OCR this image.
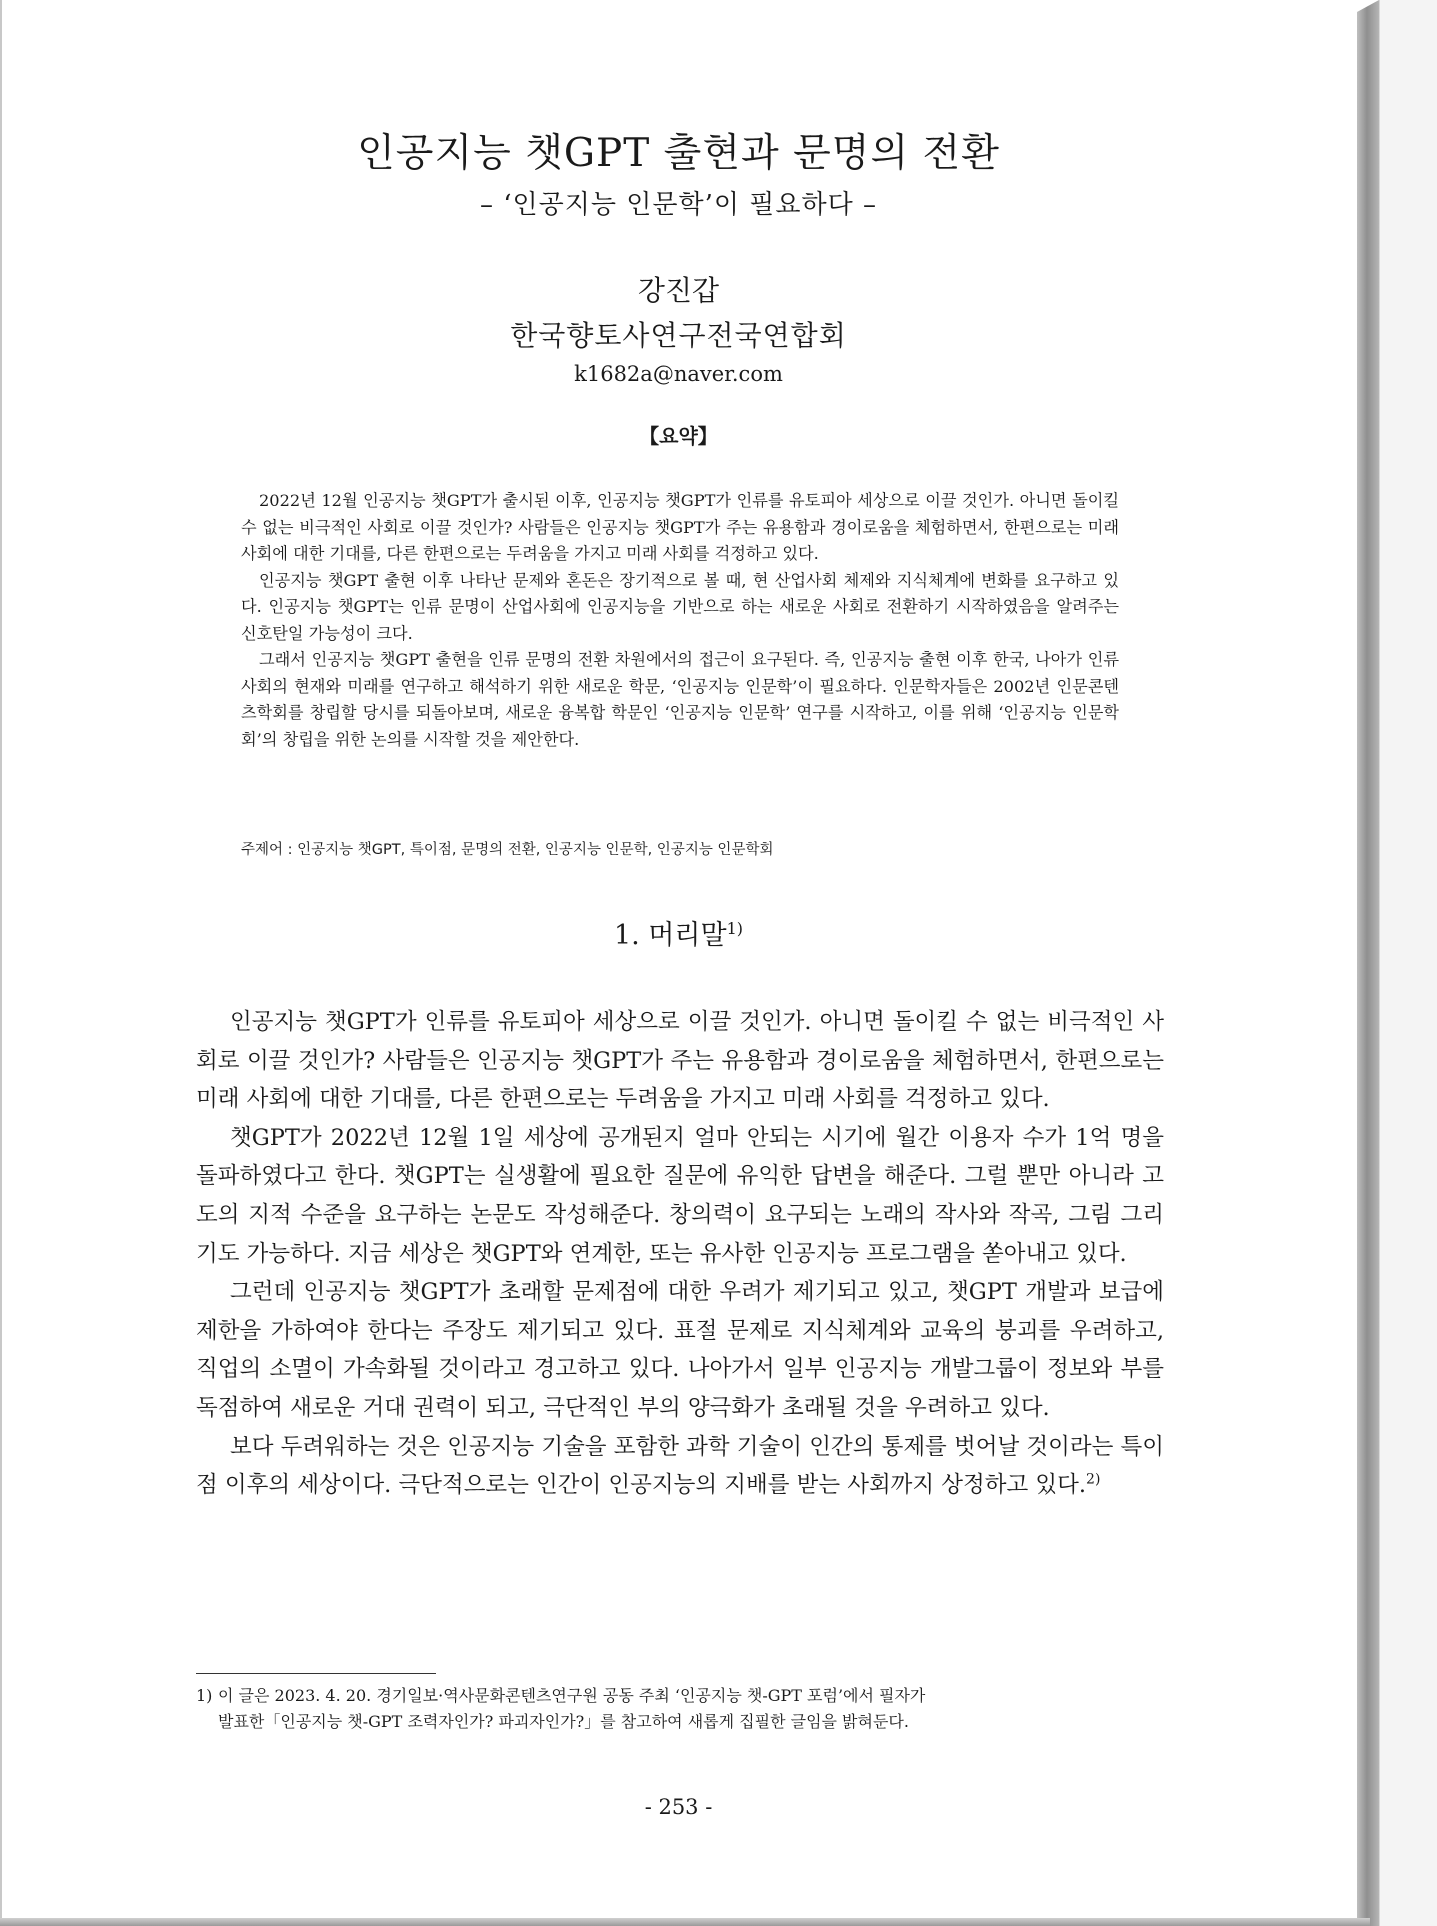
인공지능 챗GPT 출현과 문명의 전환
– ‘인공지능 인문학’이 필요하다 –
강진갑
한국향토사연구전국연합회
k1682a@naver.com
【요약】

2022년 12월 인공지능 챗GPT가 출시된 이후, 인공지능 챗GPT가 인류를 유토피아 세상으로 이끌 것인가. 아니면 돌이킬 수 없는 비극적인 사회로 이끌 것인가? 사람들은 인공지능 챗GPT가 주는 유용함과 경이로움을 체험하면서, 한편으로는 미래 사회에 대한 기대를, 다른 한편으로는 두려움을 가지고 미래 사회를 걱정하고 있다.

인공지능 챗GPT 출현 이후 나타난 문제와 혼돈은 장기적으로 볼 때, 현 산업사회 체제와 지식체계에 변화를 요구하고 있다. 인공지능 챗GPT는 인류 문명이 산업사회에 인공지능을 기반으로 하는 새로운 사회로 전환하기 시작하였음을 알려주는 신호탄일 가능성이 크다.

그래서 인공지능 챗GPT 출현을 인류 문명의 전환 차원에서의 접근이 요구된다. 즉, 인공지능 출현 이후 한국, 나아가 인류 사회의 현재와 미래를 연구하고 해석하기 위한 새로운 학문, ‘인공지능 인문학’이 필요하다. 인문학자들은 2002년 인문콘텐츠학회를 창립할 당시를 되돌아보며, 새로운 융복합 학문인 ‘인공지능 인문학’ 연구를 시작하고, 이를 위해 ‘인공지능 인문학회’의 창립을 위한 논의를 시작할 것을 제안한다.

주제어 : 인공지능 챗GPT, 특이점, 문명의 전환, 인공지능 인문학, 인공지능 인문학회
1. 머리말$^{1)}$

인공지능 챗GPT가 인류를 유토피아 세상으로 이끌 것인가. 아니면 돌이킬 수 없는 비극적인 사회로 이끌 것인가? 사람들은 인공지능 챗GPT가 주는 유용함과 경이로움을 체험하면서, 한편으로는 미래 사회에 대한 기대를, 다른 한편으로는 두려움을 가지고 미래 사회를 걱정하고 있다.

챗GPT가 2022년 12월 1일 세상에 공개된지 얼마 안되는 시기에 월간 이용자 수가 1억 명을 돌파하였다고 한다. 챗GPT는 실생활에 필요한 질문에 유익한 답변을 해준다. 그럴 뿐만 아니라 고도의 지적 수준을 요구하는 논문도 작성해준다. 창의력이 요구되는 노래의 작사와 작곡, 그림 그리기도 가능하다. 지금 세상은 챗GPT와 연계한, 또는 유사한 인공지능 프로그램을 쏟아내고 있다.

그런데 인공지능 챗GPT가 초래할 문제점에 대한 우려가 제기되고 있고, 챗GPT 개발과 보급에 제한을 가하여야 한다는 주장도 제기되고 있다. 표절 문제로 지식체계와 교육의 붕괴를 우려하고, 직업의 소멸이 가속화될 것이라고 경고하고 있다. 나아가서 일부 인공지능 개발그룹이 정보와 부를 독점하여 새로운 거대 권력이 되고, 극단적인 부의 양극화가 초래될 것을 우려하고 있다.

보다 두려워하는 것은 인공지능 기술을 포함한 과학 기술이 인간의 통제를 벗어날 것이라는 특이점 이후의 세상이다. 극단적으로는 인간이 인공지능의 지배를 받는 사회까지 상정하고 있다.$^{2)}$

1) 이 글은 2023. 4. 20. 경기일보·역사문화콘텐츠연구원 공동 주최 ‘인공지능 챗-GPT 포럼’에서 필자가
발표한「인공지능 챗-GPT 조력자인가? 파괴자인가?」를 참고하여 새롭게 집필한 글임을 밝혀둔다.
- 253 -
